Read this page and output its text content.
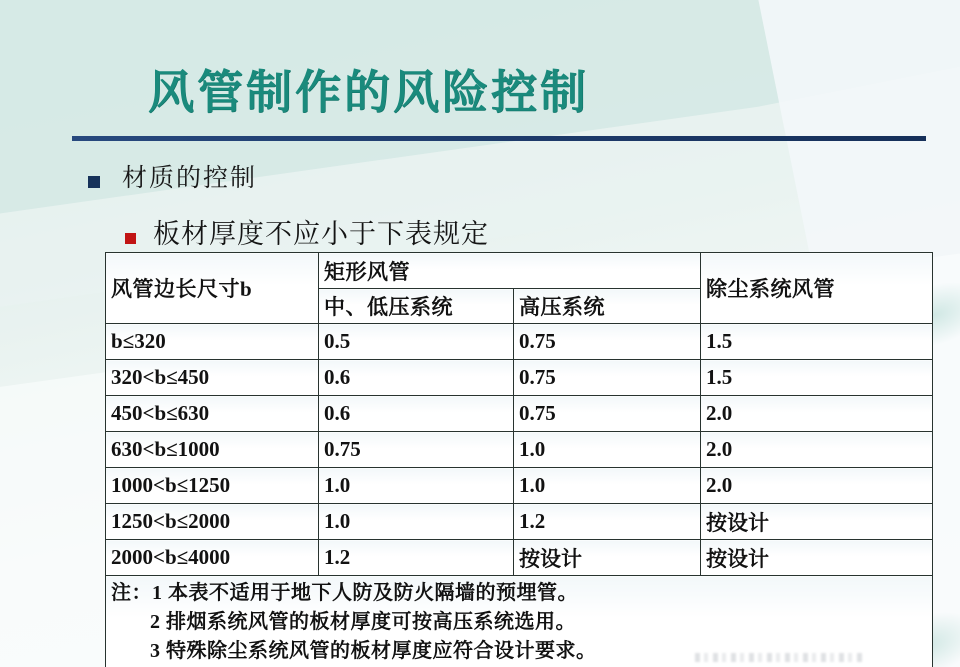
风管制作的风险控制
材质的控制
板材厚度不应小于下表规定
风管边长尺寸b	矩形风管		除尘系统风管
	中、低压系统	高压系统	
b≤320	0.5	0.75	1.5
320<b≤450	0.6	0.75	1.5
450<b≤630	0.6	0.75	2.0
630<b≤1000	0.75	1.0	2.0
1000<b≤1250	1.0	1.0	2.0
1250<b≤2000	1.0	1.2	按设计
2000<b≤4000	1.2	按设计	按设计

注：1 本表不适用于地下人防及防火隔墙的预埋管。
2 排烟系统风管的板材厚度可按高压系统选用。
3 特殊除尘系统风管的板材厚度应符合设计要求。			
